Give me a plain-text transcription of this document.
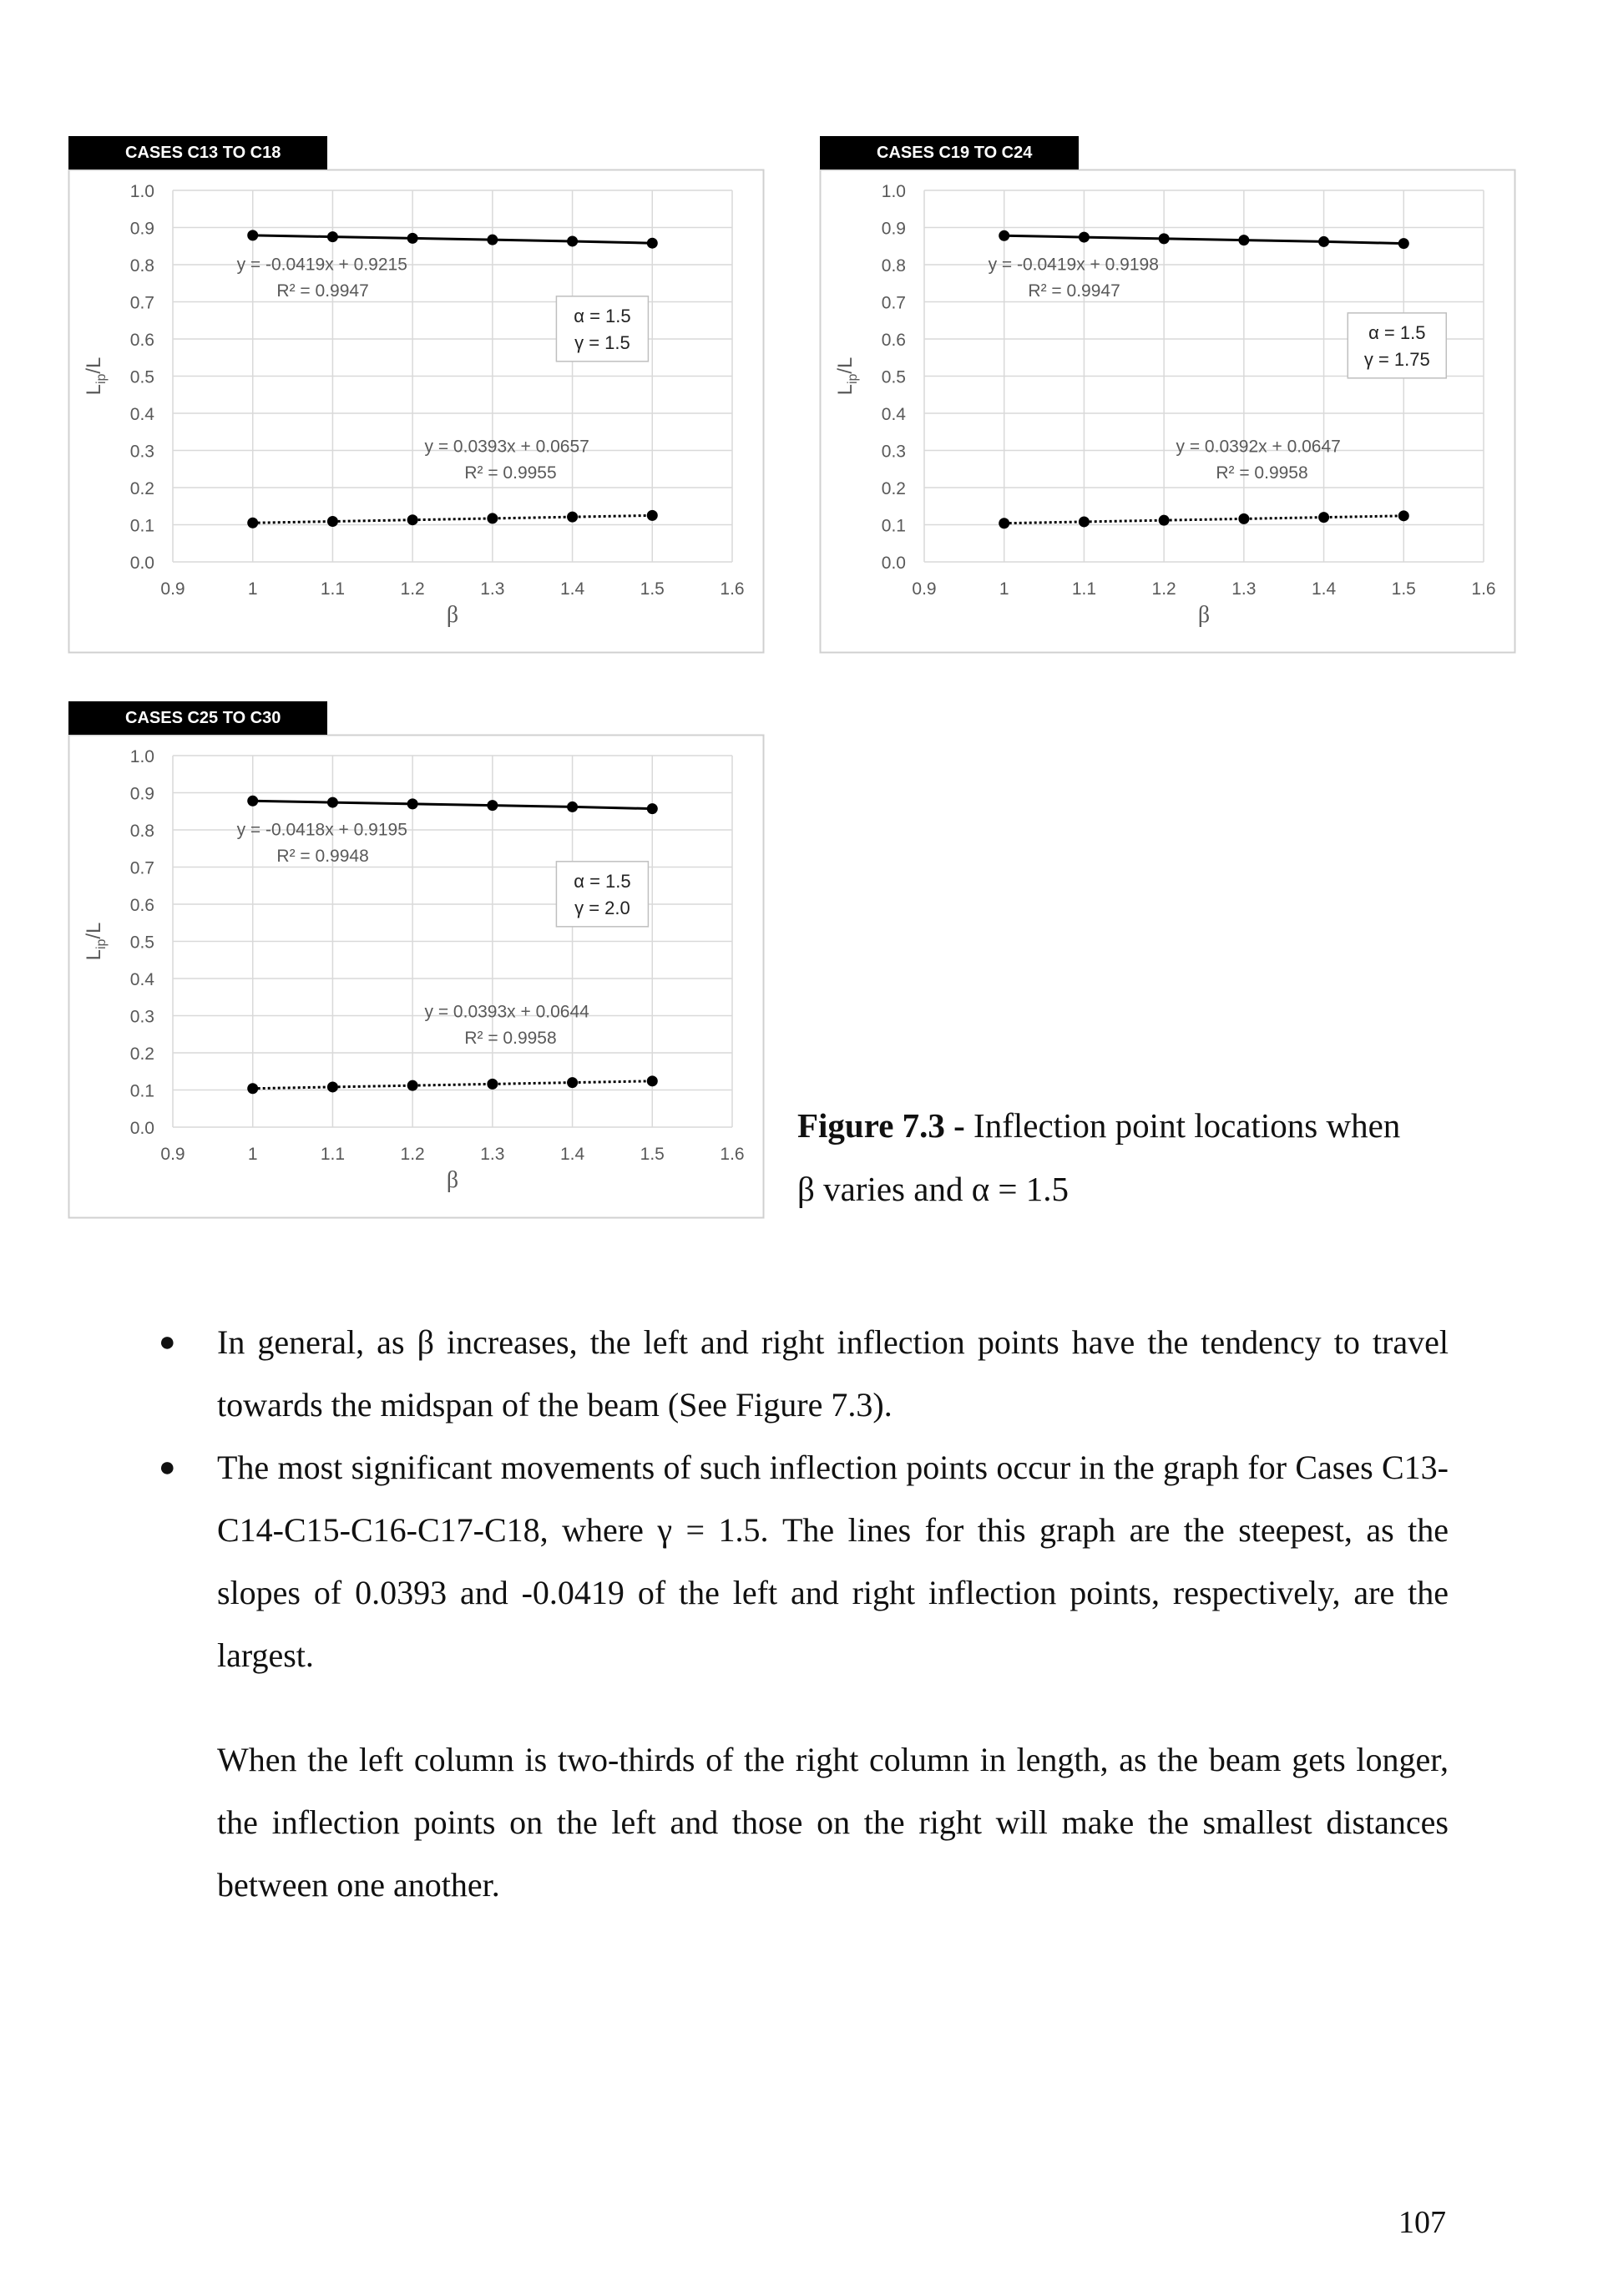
0.0
0.1
0.2
0.3
0.4
0.5
0.6
0.7
0.8
0.9
1.0
0.9	1	1.1	1.2	1.3	1.4	1.5	1.6
β
$L_{ip}/L$
y = -0.0419x + 0.9215
R² = 0.9947
y = 0.0393x + 0.0657
R² = 0.9955
α = 1.5
γ = 1.5
CASES C13 TO C18
0.0
0.1
0.2
0.3
0.4
0.5
0.6
0.7
0.8
0.9
1.0
0.9	1	1.1	1.2	1.3	1.4	1.5	1.6
β
$L_{ip}/L$
y = -0.0419x + 0.9198
R² = 0.9947
y = 0.0392x + 0.0647
R² = 0.9958
α = 1.5
γ = 1.75
CASES C19 TO C24
0.0
0.1
0.2
0.3
0.4
0.5
0.6
0.7
0.8
0.9
1.0
0.9	1	1.1	1.2	1.3	1.4	1.5	1.6
β
$L_{ip}/L$
y = -0.0418x + 0.9195
R² = 0.9948
y = 0.0393x + 0.0644
R² = 0.9958
α = 1.5
γ = 2.0
CASES C25 TO C30
Figure 7.3 - Inflection point locations when
β varies and α = 1.5

● In general, as β increases, the left and right inflection points have the tendency to travel towards the midspan of the beam (See Figure 7.3).

● The most significant movements of such inflection points occur in the graph for Cases C13-C14-C15-C16-C17-C18, where γ = 1.5. The lines for this graph are the steepest, as the slopes of 0.0393 and -0.0419 of the left and right inflection points, respectively, are the largest.

When the left column is two-thirds of the right column in length, as the beam gets longer, the inflection points on the left and those on the right will make the smallest distances between one another.

107
